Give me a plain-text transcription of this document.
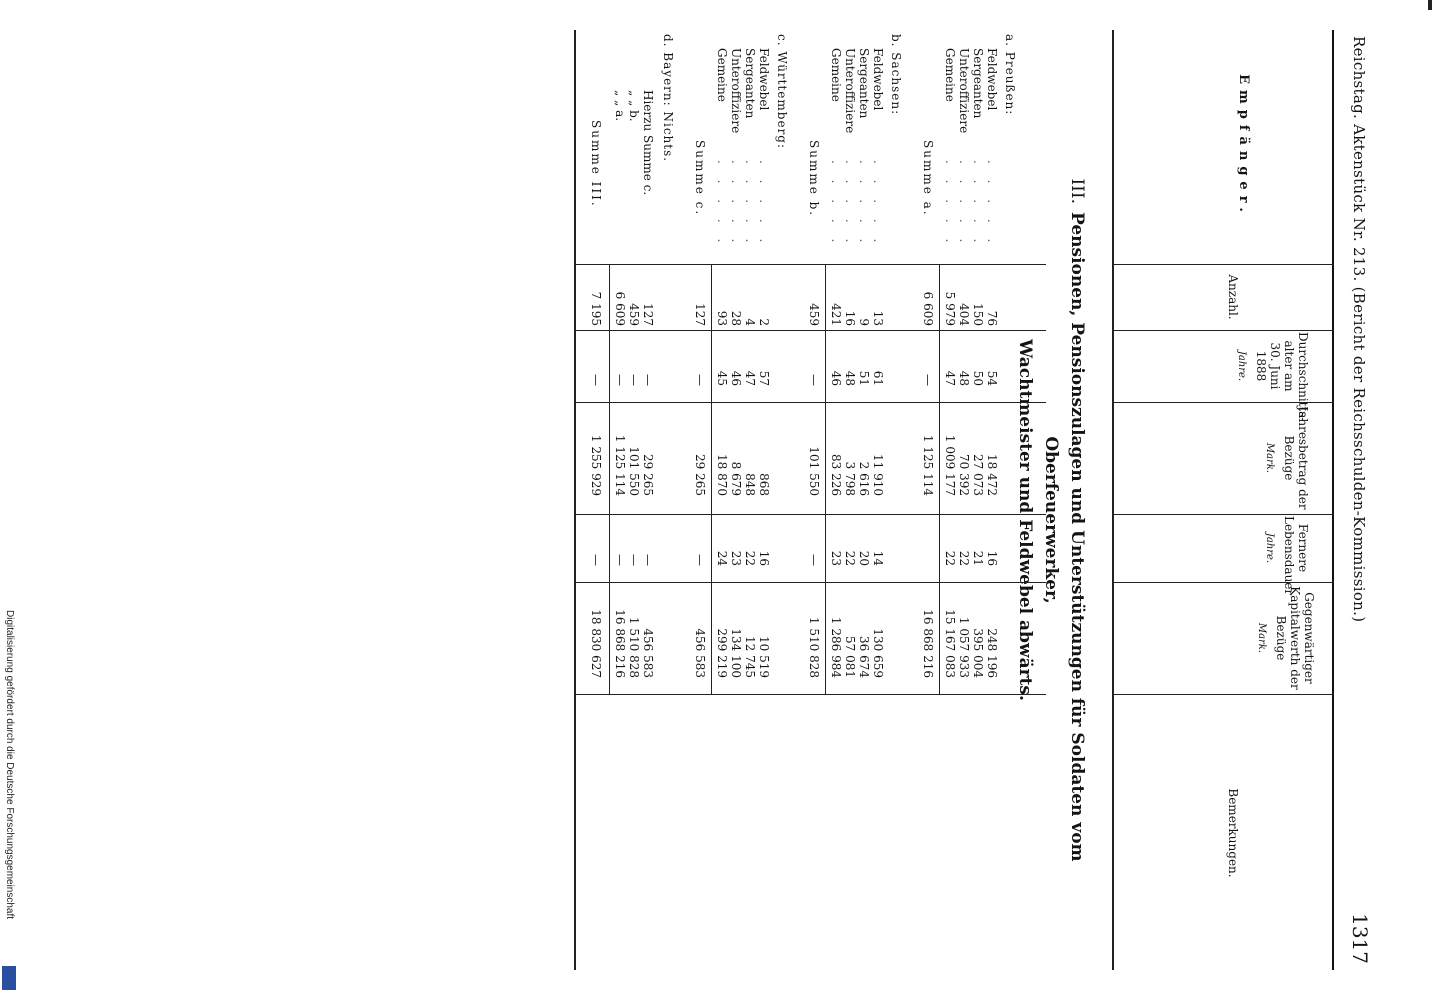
Digitalisierung gefördert durch die Deutsche Forschungsgemeinschaft
Reichstag. Aktenstück Nr. 213. (Bericht der Reichsschulden-Kommission.)
1317
Empfänger.
Anzahl.
Durchschnitts-alter am 30. Juni 1888
Jahre.
Jahresbetrag der Bezüge
Mark.
Fernere Lebensdauer
Jahre.
Gegenwärtiger Kapitalwerth der Bezüge
Mark.
Bemerkungen.
III.Pensionen, Pensionszulagen und Unterstützungen für Soldaten vom Oberfeuerwerker,
Wachtmeister und Feldwebel abwärts.
a. Preußen:
Feldwebel
. . . . .
76
54
18 472
16
248 196
Sergeanten
. . . . .
150
50
27 073
21
395 004
Unteroffiziere
. . . . .
404
48
70 392
22
1 057 933
Gemeine
. . . . .
5 979
47
1 009 177
22
15 167 083
Summe a.
6 609
—
1 125 114
16 868 216
b. Sachsen:
Feldwebel
. . . . .
13
61
11 910
14
130 659
Sergeanten
. . . . .
9
51
2 616
20
36 674
Unteroffiziere
. . . . .
16
48
3 798
22
57 081
Gemeine
. . . . .
421
46
83 226
23
1 286 984
Summe b.
459
—
101 550
—
1 510 828
c. Württemberg:
Feldwebel
. . . . .
2
57
868
16
10 519
Sergeanten
. . . . .
4
47
848
22
12 745
Unteroffiziere
. . . . .
28
46
8 679
23
134 100
Gemeine
. . . . .
93
45
18 870
24
299 219
Summe c.
127
—
29 265
—
456 583
d. Bayern: Nichts.
Hierzu Summe c.
127
—
29 265
—
456 583
„ „ b.
459
—
101 550
—
1 510 828
„ „ a.
6 609
—
1 125 114
—
16 868 216
Summe III.
7 195
—
1 255 929
—
18 830 627
